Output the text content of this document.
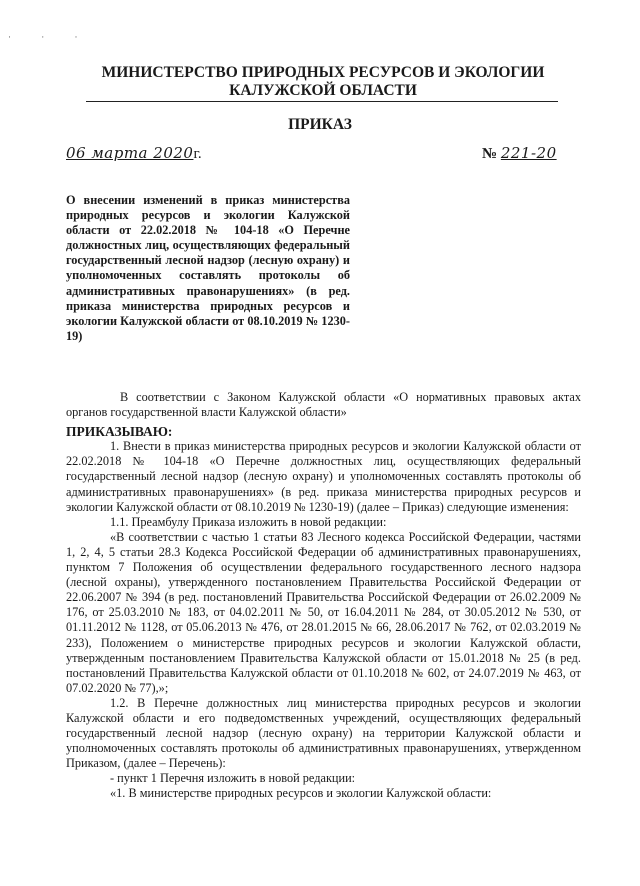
· · ·
МИНИСТЕРСТВО ПРИРОДНЫХ РЕСУРСОВ И ЭКОЛОГИИ
КАЛУЖСКОЙ ОБЛАСТИ
ПРИКАЗ
06 марта 2020г.	№ 221-20

О внесении изменений в приказ министерства природных ресурсов и экологии Калужской области от 22.02.2018 № 104-18 «О Перечне должностных лиц, осуществляющих федеральный государственный лесной надзор (лесную охрану) и уполномоченных составлять протоколы об административных правонарушениях» (в ред. приказа министерства природных ресурсов и экологии Калужской области от 08.10.2019 № 1230-19)

В соответствии с Законом Калужской области «О нормативных правовых актах органов государственной власти Калужской области»

ПРИКАЗЫВАЮ:

1. Внести в приказ министерства природных ресурсов и экологии Калужской области от 22.02.2018 № 104-18 «О Перечне должностных лиц, осуществляющих федеральный государственный лесной надзор (лесную охрану) и уполномоченных составлять протоколы об административных правонарушениях» (в ред. приказа министерства природных ресурсов и экологии Калужской области от 08.10.2019 № 1230-19) (далее – Приказ) следующие изменения:

1.1. Преамбулу Приказа изложить в новой редакции:

«В соответствии с частью 1 статьи 83 Лесного кодекса Российской Федерации, частями 1, 2, 4, 5 статьи 28.3 Кодекса Российской Федерации об административных правонарушениях, пунктом 7 Положения об осуществлении федерального государственного лесного надзора (лесной охраны), утвержденного постановлением Правительства Российской Федерации от 22.06.2007 № 394 (в ред. постановлений Правительства Российской Федерации от 26.02.2009 № 176, от 25.03.2010 № 183, от 04.02.2011 № 50, от 16.04.2011 № 284, от 30.05.2012 № 530, от 01.11.2012 № 1128, от 05.06.2013 № 476, от 28.01.2015 № 66, 28.06.2017 № 762, от 02.03.2019 № 233), Положением о министерстве природных ресурсов и экологии Калужской области, утвержденным постановлением Правительства Калужской области от 15.01.2018 № 25 (в ред. постановлений Правительства Калужской области от 01.10.2018 № 602, от 24.07.2019 № 463, от 07.02.2020 № 77),»;

1.2. В Перечне должностных лиц министерства природных ресурсов и экологии Калужской области и его подведомственных учреждений, осуществляющих федеральный государственный лесной надзор (лесную охрану) на территории Калужской области и уполномоченных составлять протоколы об административных правонарушениях, утвержденном Приказом, (далее – Перечень):

- пункт 1 Перечня изложить в новой редакции:

«1. В министерстве природных ресурсов и экологии Калужской области:
